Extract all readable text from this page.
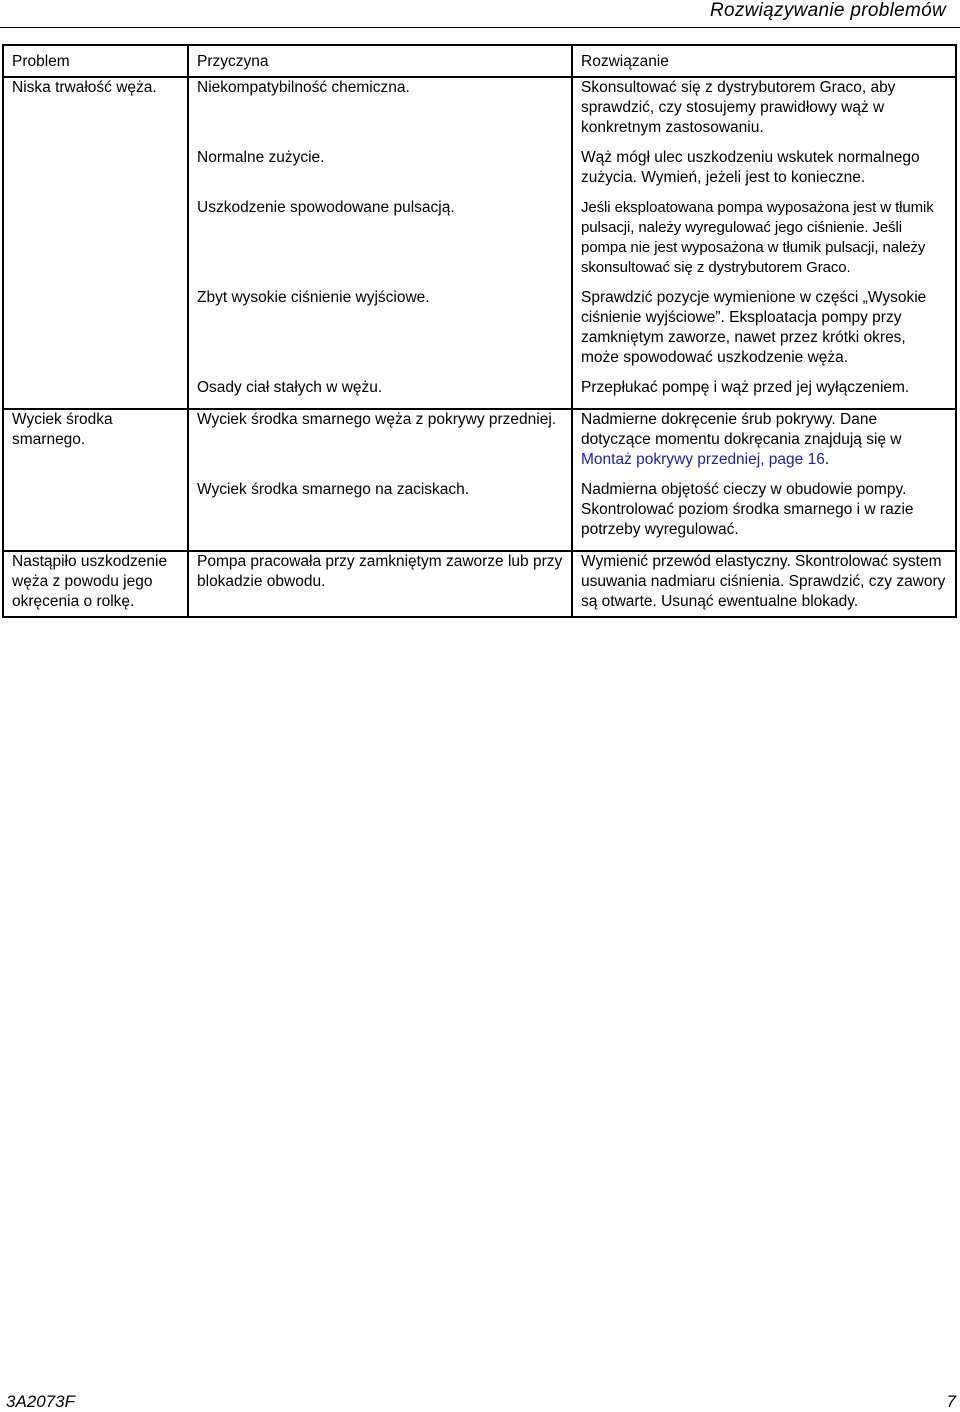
Rozwiązywanie problemów
Problem	Przyczyna	Rozwiązanie
Niska trwałość węża.	Niekompatybilność chemiczna.	Skonsultować się z dystrybutorem Graco, aby sprawdzić, czy stosujemy prawidłowy wąż w konkretnym zastosowaniu.
	Normalne zużycie.	Wąż mógł ulec uszkodzeniu wskutek normalnego zużycia. Wymień, jeżeli jest to konieczne.
	Uszkodzenie spowodowane pulsacją.	Jeśli eksploatowana pompa wyposażona jest w tłumik pulsacji, należy wyregulować jego ciśnienie. Jeśli pompa nie jest wyposażona w tłumik pulsacji, należy skonsultować się z dystrybutorem Graco.
	Zbyt wysokie ciśnienie wyjściowe.	Sprawdzić pozycje wymienione w części „Wysokie ciśnienie wyjściowe”. Eksploatacja pompy przy zamkniętym zaworze, nawet przez krótki okres, może spowodować uszkodzenie węża.
	Osady ciał stałych w wężu.	Przepłukać pompę i wąż przed jej wyłączeniem.
Wyciek środka smarnego.	Wyciek środka smarnego węża z pokrywy przedniej.	Nadmierne dokręcenie śrub pokrywy. Dane dotyczące momentu dokręcania znajdują się w Montaż pokrywy przedniej, page 16.
	Wyciek środka smarnego na zaciskach.	Nadmierna objętość cieczy w obudowie pompy. Skontrolować poziom środka smarnego i w razie potrzeby wyregulować.
Nastąpiło uszkodzenie węża z powodu jego okręcenia o rolkę.	Pompa pracowała przy zamkniętym zaworze lub przy blokadzie obwodu.	Wymienić przewód elastyczny. Skontrolować system usuwania nadmiaru ciśnienia. Sprawdzić, czy zawory są otwarte. Usunąć ewentualne blokady.
3A2073F	7
